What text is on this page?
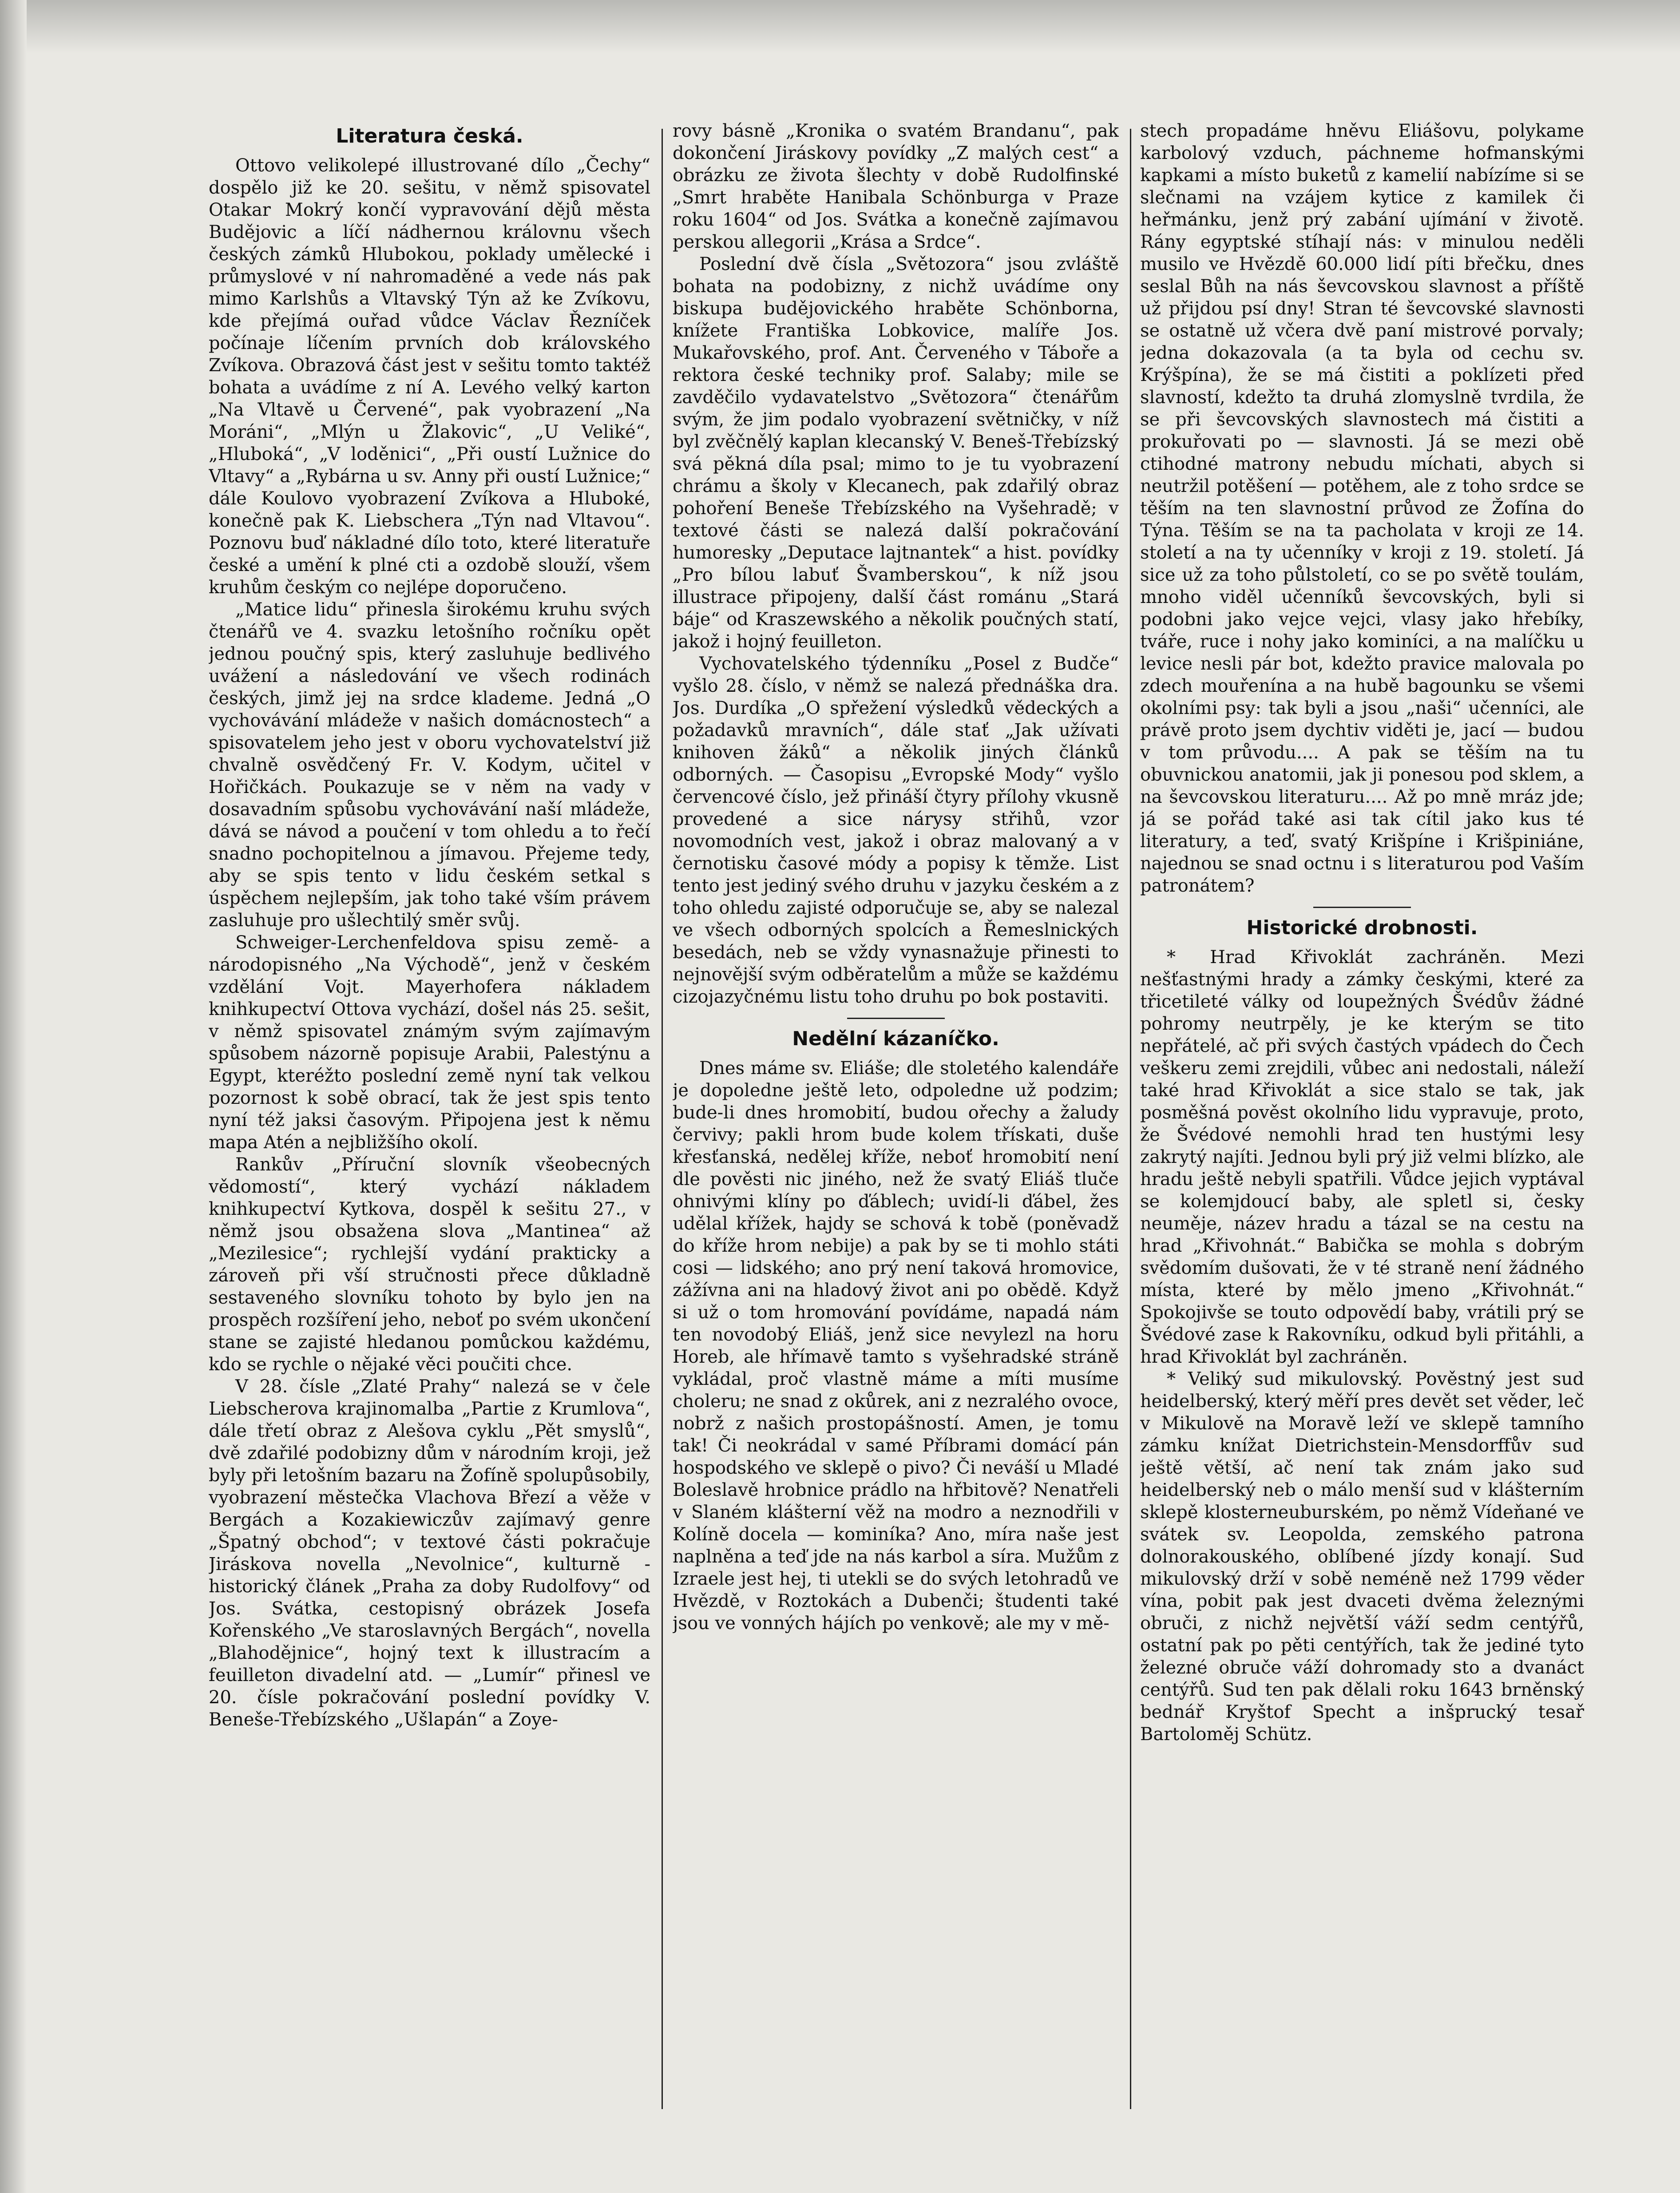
Literatura česká.

Ottovo velikolepé illustrované dílo „Čechy“ dospělo již ke 20. sešitu, v němž spisovatel Otakar Mokrý končí vypravování dějů města Budějovic a líčí nádhernou královnu všech českých zámků Hlubokou, poklady umělecké i průmyslové v ní nahromaděné a vede nás pak mimo Karlshůs a Vltavský Týn až ke Zvíkovu, kde přejímá ouřad vůdce Václav Řezníček počínaje líčením prvních dob královského Zvíkova. Obrazová část jest v sešitu tomto taktéž bohata a uvádíme z ní A. Levého velký karton „Na Vltavě u Červené“, pak vyobrazení „Na Moráni“, „Mlýn u Žlakovic“, „U Veliké“, „Hluboká“, „V loděnici“, „Při oustí Lužnice do Vltavy“ a „Rybárna u sv. Anny při oustí Lužnice;“ dále Koulovo vyobrazení Zvíkova a Hluboké, konečně pak K. Liebschera „Týn nad Vltavou“. Poznovu buď nákladné dílo toto, které literatuře české a umění k plné cti a ozdobě slouží, všem kruhům českým co nejlépe doporučeno.

„Matice lidu“ přinesla širokému kruhu svých čtenářů ve 4. svazku letošního ročníku opět jednou poučný spis, který zasluhuje bedlivého uvážení a následování ve všech rodinách českých, jimž jej na srdce klademe. Jedná „O vychovávání mládeže v našich domácnostech“ a spisovatelem jeho jest v oboru vychovatelství již chvalně osvědčený Fr. V. Kodym, učitel v Hořičkách. Poukazuje se v něm na vady v dosavadním spůsobu vychovávání naší mládeže, dává se návod a poučení v tom ohledu a to řečí snadno pochopitelnou a jímavou. Přejeme tedy, aby se spis tento v lidu českém setkal s úspěchem nejlepším, jak toho také vším právem zasluhuje pro ušlechtilý směr svůj.

Schweiger-Lerchenfeldova spisu země- a národopisného „Na Východě“, jenž v českém vzdělání Vojt. Mayerhofera nákladem knihkupectví Ottova vychází, došel nás 25. sešit, v němž spisovatel známým svým zajímavým spůsobem názorně popisuje Arabii, Palestýnu a Egypt, kteréžto poslední země nyní tak velkou pozornost k sobě obrací, tak že jest spis tento nyní též jaksi časovým. Připojena jest k němu mapa Atén a nejbližšího okolí.

Rankův „Příruční slovník všeobecných vědomostí“, který vychází nákladem knihkupectví Kytkova, dospěl k sešitu 27., v němž jsou obsažena slova „Mantinea“ až „Mezilesice“; rychlejší vydání prakticky a zároveň při vší stručnosti přece důkladně sestaveného slovníku tohoto by bylo jen na prospěch rozšíření jeho, neboť po svém ukončení stane se zajisté hledanou pomůckou každému, kdo se rychle o nějaké věci poučiti chce.

V 28. čísle „Zlaté Prahy“ nalezá se v čele Liebscherova krajinomalba „Partie z Krumlova“, dále třetí obraz z Alešova cyklu „Pět smyslů“, dvě zdařilé podobizny dům v národním kroji, jež byly při letošním bazaru na Žofíně spolupůsobily, vyobrazení městečka Vlachova Březí a věže v Bergách a Kozakiewiczův zajímavý genre „Špatný obchod“; v textové části pokračuje Jiráskova novella „Nevolnice“, kulturně - historický článek „Praha za doby Rudolfovy“ od Jos. Svátka, cestopisný obrázek Josefa Kořenského „Ve staroslavných Bergách“, novella „Blahodějnice“, hojný text k illustracím a feuilleton divadelní atd. — „Lumír“ přinesl ve 20. čísle pokračování poslední povídky V. Beneše-Třebízského „Ušlapán“ a Zoye-

rovy básně „Kronika o svatém Brandanu“, pak dokončení Jiráskovy povídky „Z malých cest“ a obrázku ze života šlechty v době Rudolfinské „Smrt hraběte Hanibala Schönburga v Praze roku 1604“ od Jos. Svátka a konečně zajímavou perskou allegorii „Krása a Srdce“.

Poslední dvě čísla „Světozora“ jsou zvláště bohata na podobizny, z nichž uvádíme ony biskupa budějovického hraběte Schönborna, knížete Františka Lobkovice, malíře Jos. Mukařovského, prof. Ant. Červeného v Táboře a rektora české techniky prof. Salaby; mile se zavděčilo vydavatelstvo „Světozora“ čtenářům svým, že jim podalo vyobrazení světničky, v níž byl zvěčnělý kaplan klecanský V. Beneš-Třebízský svá pěkná díla psal; mimo to je tu vyobrazení chrámu a školy v Klecanech, pak zdařilý obraz pohoření Beneše Třebízského na Vyšehradě; v textové části se nalezá další pokračování humoresky „Deputace lajtnantek“ a hist. povídky „Pro bílou labuť Švamberskou“, k níž jsou illustrace připojeny, další část románu „Stará báje“ od Kraszewského a několik poučných statí, jakož i hojný feuilleton.

Vychovatelského týdenníku „Posel z Budče“ vyšlo 28. číslo, v němž se nalezá přednáška dra. Jos. Durdíka „O spřežení výsledků vědeckých a požadavků mravních“, dále stať „Jak užívati knihoven žáků“ a několik jiných článků odborných. — Časopisu „Evropské Mody“ vyšlo červencové číslo, jež přináší čtyry přílohy vkusně provedené a sice nárysy střihů, vzor novomodních vest, jakož i obraz malovaný a v černotisku časové módy a popisy k těmže. List tento jest jediný svého druhu v jazyku českém a z toho ohledu zajisté odporučuje se, aby se nalezal ve všech odborných spolcích a Řemeslnických besedách, neb se vždy vynasnažuje přinesti to nejnovější svým odběratelům a může se každému cizojazyčnému listu toho druhu po bok postaviti.

Nedělní kázaníčko.

Dnes máme sv. Eliáše; dle stoletého kalendáře je dopoledne ještě leto, odpoledne už podzim; bude-li dnes hromobití, budou ořechy a žaludy červivy; pakli hrom bude kolem třískati, duše křesťanská, nedělej kříže, neboť hromobití není dle pověsti nic jiného, než že svatý Eliáš tluče ohnivými klíny po ďáblech; uvidí-li ďábel, žes udělal křížek, hajdy se schová k tobě (poněvadž do kříže hrom nebije) a pak by se ti mohlo státi cosi — lidského; ano prý není taková hromovice, zážívna ani na hladový život ani po obědě. Když si už o tom hromování povídáme, napadá nám ten novodobý Eliáš, jenž sice nevylezl na horu Horeb, ale hřímavě tamto s vyšehradské stráně vykládal, proč vlastně máme a míti musíme choleru; ne snad z okůrek, ani z nezralého ovoce, nobrž z našich prostopášností. Amen, je tomu tak! Či neokrádal v samé Příbrami domácí pán hospodského ve sklepě o pivo? Či neváší u Mladé Boleslavě hrobnice prádlo na hřbitově? Nenatřeli v Slaném klášterní věž na modro a neznodřili v Kolíně docela — kominíka? Ano, míra naše jest naplněna a teď jde na nás karbol a síra. Mužům z Izraele jest hej, ti utekli se do svých letohradů ve Hvězdě, v Roztokách a Dubenči; študenti také jsou ve vonných hájích po venkově; ale my v mě-

stech propadáme hněvu Eliášovu, polykame karbolový vzduch, páchneme hofmanskými kapkami a místo buketů z kamelií nabízíme si se slečnami na vzájem kytice z kamilek či heřmánku, jenž prý zabání ujímání v životě. Rány egyptské stíhají nás: v minulou neděli musilo ve Hvězdě 60.000 lidí píti břečku, dnes seslal Bůh na nás ševcovskou slavnost a příště už přijdou psí dny! Stran té ševcovské slavnosti se ostatně už včera dvě paní mistrové porvaly; jedna dokazovala (a ta byla od cechu sv. Krýšpína), že se má čistiti a poklízeti před slavností, kdežto ta druhá zlomyslně tvrdila, že se při ševcovských slavnostech má čistiti a prokuřovati po — slavnosti. Já se mezi obě ctihodné matrony nebudu míchati, abych si neutržil potěšení — potěhem, ale z toho srdce se těším na ten slavnostní průvod ze Žofína do Týna. Těším se na ta pacholata v kroji ze 14. století a na ty učenníky v kroji z 19. století. Já sice už za toho půlstoletí, co se po světě toulám, mnoho viděl učenníků ševcovských, byli si podobni jako vejce vejci, vlasy jako hřebíky, tváře, ruce i nohy jako kominíci, a na malíčku u levice nesli pár bot, kdežto pravice malovala po zdech mouřenína a na hubě bagounku se všemi okolními psy: tak byli a jsou „naši“ učenníci, ale právě proto jsem dychtiv viděti je, jací — budou v tom průvodu.... A pak se těším na tu obuvnickou anatomii, jak ji ponesou pod sklem, a na ševcovskou literaturu.... Až po mně mráz jde; já se pořád také asi tak cítil jako kus té literatury, a teď, svatý Krišpíne i Krišpiniáne, najednou se snad octnu i s literaturou pod Vaším patronátem?

Historické drobnosti.

* Hrad Křivoklát zachráněn. Mezi nešťastnými hrady a zámky českými, které za třicetileté války od loupežných Švédův žádné pohromy neutrpěly, je ke kterým se tito nepřátelé, ač při svých častých vpádech do Čech veškeru zemi zrejdili, vůbec ani nedostali, náleží také hrad Křivoklát a sice stalo se tak, jak posměšná pověst okolního lidu vypravuje, proto, že Švédové nemohli hrad ten hustými lesy zakrytý najíti. Jednou byli prý již velmi blízko, ale hradu ještě nebyli spatřili. Vůdce jejich vyptával se kolemjdoucí baby, ale spletl si, česky neuměje, název hradu a tázal se na cestu na hrad „Křivohnát.“ Babička se mohla s dobrým svědomím dušovati, že v té straně není žádného místa, které by mělo jmeno „Křivohnát.“ Spokojivše se touto odpovědí baby, vrátili prý se Švédové zase k Rakovníku, odkud byli přitáhli, a hrad Křivoklát byl zachráněn.

* Veliký sud mikulovský. Pověstný jest sud heidelberský, který měří pres devět set věder, leč v Mikulově na Moravě leží ve sklepě tamního zámku knížat Dietrichstein-Mensdorffův sud ještě větší, ač není tak znám jako sud heidelberský neb o málo menší sud v klášterním sklepě klosterneuburském, po němž Vídeňané ve svátek sv. Leopolda, zemského patrona dolnorakouského, oblíbené jízdy konají. Sud mikulovský drží v sobě neméně než 1799 věder vína, pobit pak jest dvaceti dvěma železnými obruči, z nichž největší váží sedm centýřů, ostatní pak po pěti centýřích, tak že jediné tyto železné obruče váží dohromady sto a dvanáct centýřů. Sud ten pak dělali roku 1643 brněnský bednář Kryštof Specht a inšprucký tesař Bartoloměj Schütz.
